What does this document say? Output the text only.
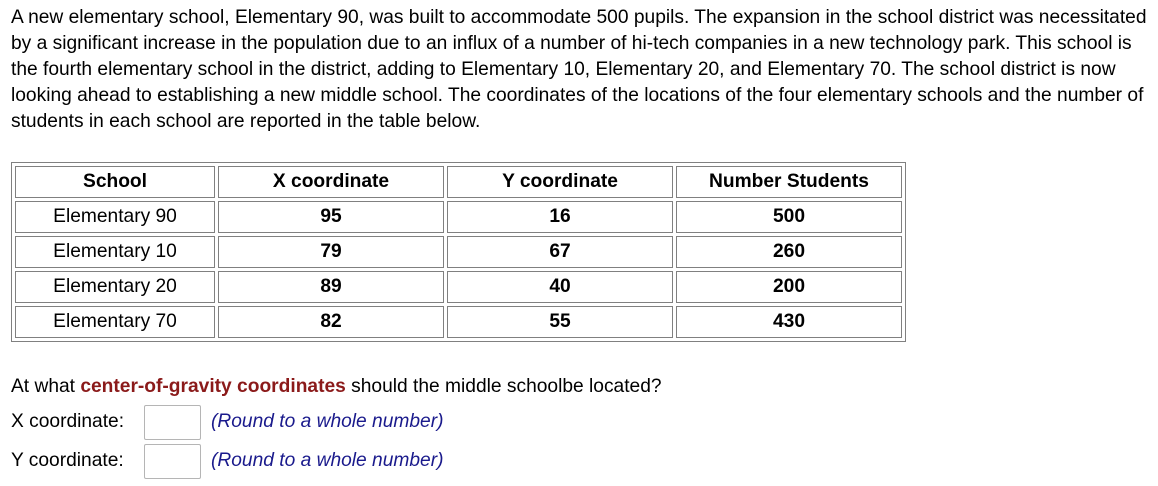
A new elementary school, Elementary 90, was built to accommodate 500 pupils. The expansion in the school district was necessitated by a significant increase in the population due to an influx of a number of hi-tech companies in a new technology park. This school is the fourth elementary school in the district, adding to Elementary 10, Elementary 20, and Elementary 70. The school district is now looking ahead to establishing a new middle school. The coordinates of the locations of the four elementary schools and the number of students in each school are reported in the table below.

School	X coordinate	Y coordinate	Number Students
Elementary 90	95	16	500
Elementary 10	79	67	260
Elementary 20	89	40	200
Elementary 70	82	55	430

At what center-of-gravity coordinates should the middle schoolbe located?

X coordinate:	(Round to a whole number)
Y coordinate:	(Round to a whole number)
